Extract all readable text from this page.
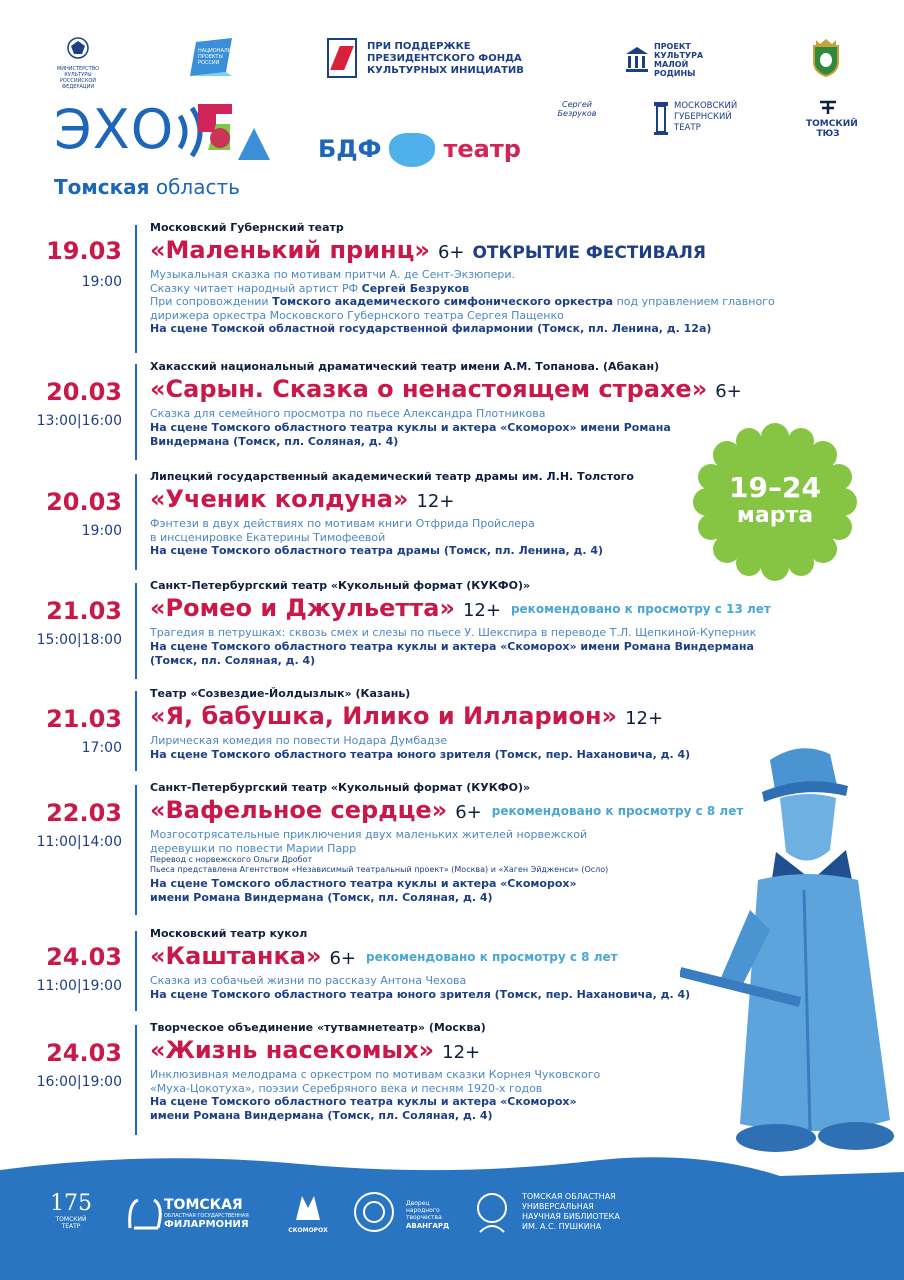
МИНИСТЕРСТВО КУЛЬТУРЫ РОССИЙСКОЙ ФЕДЕРАЦИИ
НАЦИОНАЛЬНЫЕ ПРОЕКТЫ РОССИИ
ПРИ ПОДДЕРЖКЕ ПРЕЗИДЕНТСКОГО ФОНДА КУЛЬТУРНЫХ ИНИЦИАТИВ
ПРОЕКТ КУЛЬТУРА МАЛОЙ РОДИНЫ
ЭХО
Томская область
БДФ	театр
Сергей Безруков
МОСКОВСКИЙ ГУБЕРНСКИЙ ТЕАТР	ТОМСКИЙ ТЮЗ
19–24
марта
19.03
19:00
Московский Губернский театр
«Маленький принц» 6+ ОТКРЫТИЕ ФЕСТИВАЛЯ
Музыкальная сказка по мотивам притчи А. де Сент-Экзюпери.
Сказку читает народный артист РФ Сергей Безруков
При сопровождении Томского академического симфонического оркестра под управлением главного
дирижера оркестра Московского Губернского театра Сергея Пащенко
На сцене Томской областной государственной филармонии (Томск, пл. Ленина, д. 12а)
20.03
13:00|16:00
Хакасский национальный драматический театр имени А.М. Топанова. (Абакан)
«Сарын. Сказка о ненастоящем страхе» 6+
Сказка для семейного просмотра по пьесе Александра Плотникова
На сцене Томского областного театра куклы и актера «Скоморох» имени Романа
Виндермана (Томск, пл. Соляная, д. 4)
20.03
19:00
Липецкий государственный академический театр драмы им. Л.Н. Толстого
«Ученик колдуна» 12+
Фэнтези в двух действиях по мотивам книги Отфрида Пройслера
в инсценировке Екатерины Тимофеевой
На сцене Томского областного театра драмы (Томск, пл. Ленина, д. 4)
21.03
15:00|18:00
Санкт-Петербургский театр «Кукольный формат (КУКФО)»
«Ромео и Джульетта» 12+ рекомендовано к просмотру с 13 лет
Трагедия в петрушках: сквозь смех и слезы по пьесе У. Шекспира в переводе Т.Л. Щепкиной-Куперник
На сцене Томского областного театра куклы и актера «Скоморох» имени Романа Виндермана
(Томск, пл. Соляная, д. 4)
21.03
17:00
Театр «Созвездие-Йолдызлык» (Казань)
«Я, бабушка, Илико и Илларион» 12+
Лирическая комедия по повести Нодара Думбадзе
На сцене Томского областного театра юного зрителя (Томск, пер. Нахановича, д. 4)
22.03
11:00|14:00
Санкт-Петербургский театр «Кукольный формат (КУКФО)»
«Вафельное сердце» 6+ рекомендовано к просмотру с 8 лет
Мозгосотрясательные приключения двух маленьких жителей норвежской
деревушки по повести Марии Парр
Перевод с норвежского Ольги Дробот
Пьеса представлена Агентством «Независимый театральный проект» (Москва) и «Хаген Эйдженси» (Осло)
На сцене Томского областного театра куклы и актера «Скоморох»
имени Романа Виндермана (Томск, пл. Соляная, д. 4)
24.03
11:00|19:00
Московский театр кукол
«Каштанка» 6+ рекомендовано к просмотру с 8 лет
Сказка из собачьей жизни по рассказу Антона Чехова
На сцене Томского областного театра юного зрителя (Томск, пер. Нахановича, д. 4)
24.03
16:00|19:00
Творческое объединение «тутвамнетеатр» (Москва)
«Жизнь насекомых» 12+
Инклюзивная мелодрама с оркестром по мотивам сказки Корнея Чуковского
«Муха-Цокотуха», поэзии Серебряного века и песням 1920-х годов
На сцене Томского областного театра куклы и актера «Скоморох»
имени Романа Виндермана (Томск, пл. Соляная, д. 4)
175
ТОМСКИЙ ТЕАТР
ТОМСКАЯ
ОБЛАСТНАЯ ГОСУДАРСТВЕННАЯ
ФИЛАРМОНИЯ
СКОМОРОХ
Дворец народного творчества
АВАНГАРД
ТОМСКАЯ ОБЛАСТНАЯ УНИВЕРСАЛЬНАЯ НАУЧНАЯ БИБЛИОТЕКА ИМ. А.С. ПУШКИНА
